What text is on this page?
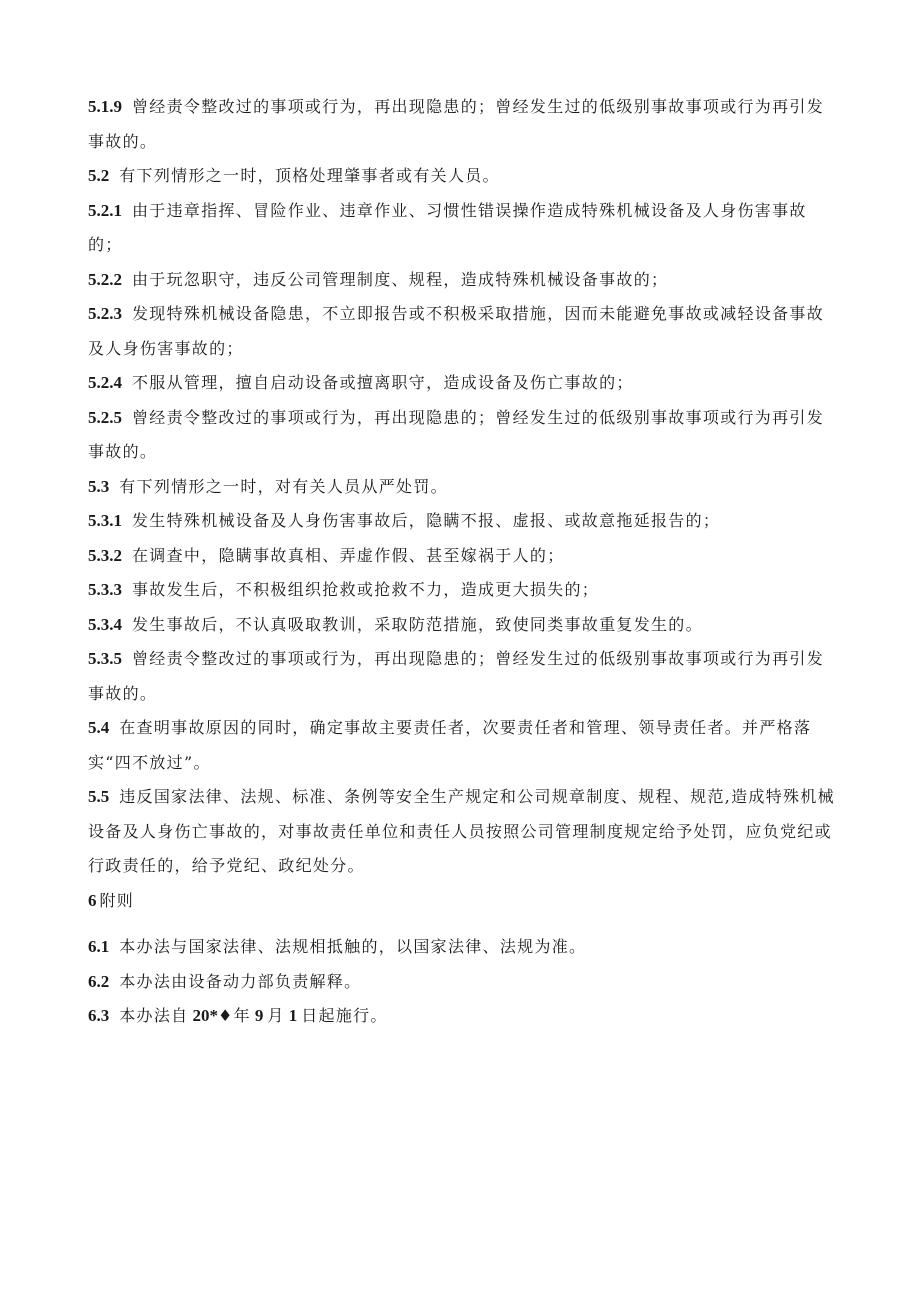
5.1.9 曾经责令整改过的事项或行为，再出现隐患的；曾经发生过的低级别事故事项或行为再引发事故的。

5.2 有下列情形之一时，顶格处理肇事者或有关人员。

5.2.1 由于违章指挥、冒险作业、违章作业、习惯性错误操作造成特殊机械设备及人身伤害事故的；

5.2.2 由于玩忽职守，违反公司管理制度、规程，造成特殊机械设备事故的；

5.2.3 发现特殊机械设备隐患，不立即报告或不积极采取措施，因而未能避免事故或减轻设备事故及人身伤害事故的；

5.2.4 不服从管理，擅自启动设备或擅离职守，造成设备及伤亡事故的；

5.2.5 曾经责令整改过的事项或行为，再出现隐患的；曾经发生过的低级别事故事项或行为再引发事故的。

5.3 有下列情形之一时，对有关人员从严处罚。

5.3.1 发生特殊机械设备及人身伤害事故后，隐瞒不报、虚报、或故意拖延报告的；

5.3.2 在调查中，隐瞒事故真相、弄虚作假、甚至嫁祸于人的；

5.3.3 事故发生后，不积极组织抢救或抢救不力，造成更大损失的；

5.3.4 发生事故后，不认真吸取教训，采取防范措施，致使同类事故重复发生的。

5.3.5 曾经责令整改过的事项或行为，再出现隐患的；曾经发生过的低级别事故事项或行为再引发事故的。

5.4 在查明事故原因的同时，确定事故主要责任者，次要责任者和管理、领导责任者。并严格落实“四不放过”。

5.5 违反国家法律、法规、标准、条例等安全生产规定和公司规章制度、规程、规范,造成特殊机械设备及人身伤亡事故的，对事故责任单位和责任人员按照公司管理制度规定给予处罚，应负党纪或行政责任的，给予党纪、政纪处分。

6 附则

6.1 本办法与国家法律、法规相抵触的，以国家法律、法规为准。

6.2 本办法由设备动力部负责解释。

6.3 本办法自 20*♦年 9 月 1 日起施行。
